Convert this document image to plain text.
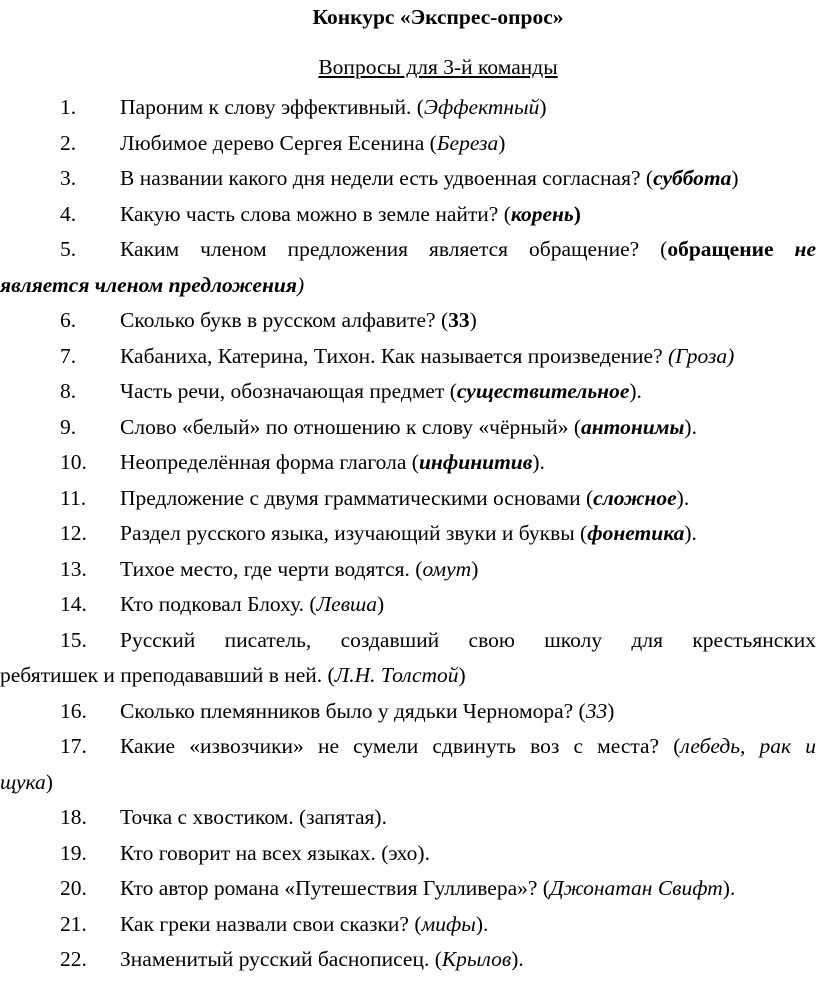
Конкурс «Экспрес-опрос»
Вопросы для 3-й команды
1. Пароним к слову эффективный. (Эффектный)
2. Любимое дерево Сергея Есенина (Береза)
3. В названии какого дня недели есть удвоенная согласная? (суббота)
4. Какую часть слова можно в земле найти? (корень)
5. Каким членом предложения является обращение? (обращение не
является членом предложения)
6. Сколько букв в русском алфавите? (33)
7. Кабаниха, Катерина, Тихон. Как называется произведение? (Гроза)
8. Часть речи, обозначающая предмет (существительное).
9. Слово «белый» по отношению к слову «чёрный» (антонимы).
10. Неопределённая форма глагола (инфинитив).
11. Предложение с двумя грамматическими основами (сложное).
12. Раздел русского языка, изучающий звуки и буквы (фонетика).
13. Тихое место, где черти водятся. (омут)
14. Кто подковал Блоху. (Левша)
15. Русский писатель, создавший свою школу для крестьянских
ребятишек и преподававший в ней. (Л.Н. Толстой)
16. Сколько племянников было у дядьки Черномора? (33)
17. Какие «извозчики» не сумели сдвинуть воз с места? (лебедь, рак и
щука)
18. Точка с хвостиком. (запятая).
19. Кто говорит на всех языках. (эхо).
20. Кто автор романа «Путешествия Гулливера»? (Джонатан Свифт).
21. Как греки назвали свои сказки? (мифы).
22. Знаменитый русский баснописец. (Крылов).
